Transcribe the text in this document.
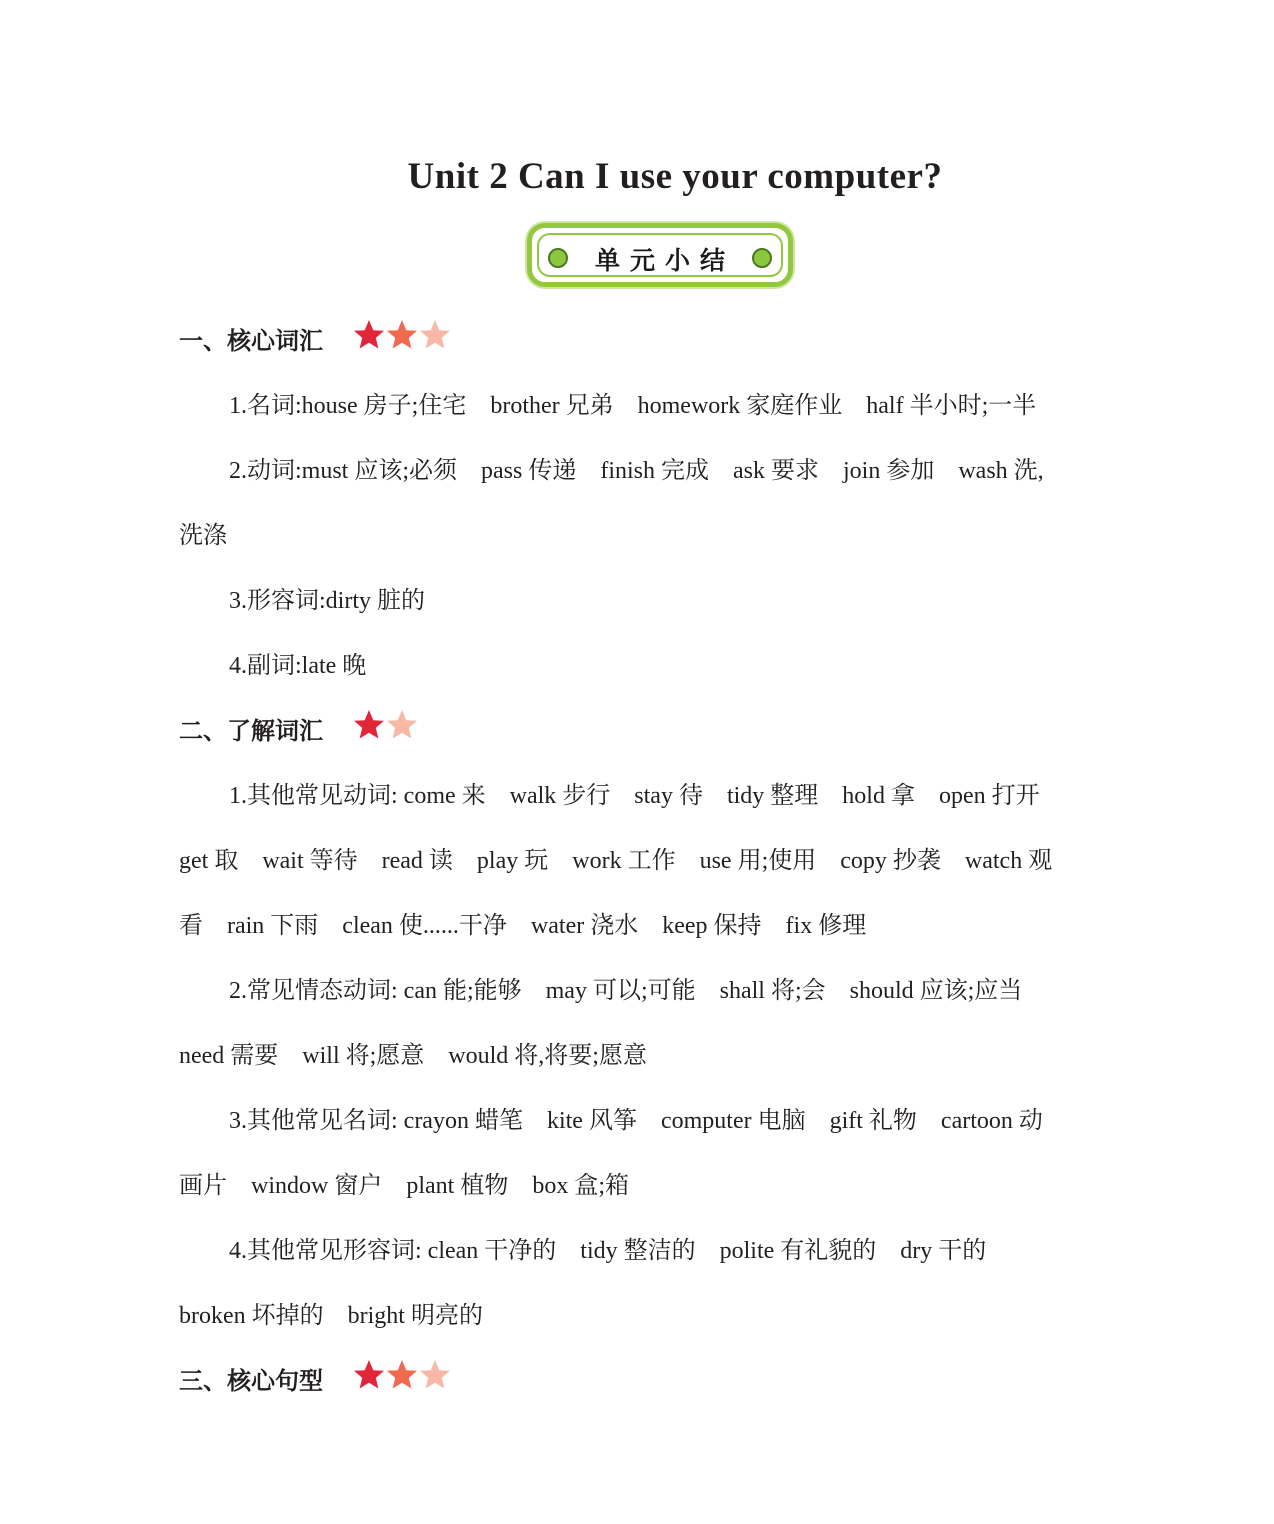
Unit 2 Can I use your computer?
单元小结
一、核心词汇
1.名词:house 房子;住宅    brother 兄弟    homework 家庭作业    half 半小时;一半
2.动词:must 应该;必须    pass 传递    finish 完成    ask 要求    join 参加    wash 洗,
洗涤
3.形容词:dirty 脏的
4.副词:late 晚
二、了解词汇
1.其他常见动词: come 来    walk 步行    stay 待    tidy 整理    hold 拿    open 打开
get 取    wait 等待    read 读    play 玩    work 工作    use 用;使用    copy 抄袭    watch 观
看    rain 下雨    clean 使......干净    water 浇水    keep 保持    fix 修理
2.常见情态动词: can 能;能够    may 可以;可能    shall 将;会    should 应该;应当
need 需要    will 将;愿意    would 将,将要;愿意
3.其他常见名词: crayon 蜡笔    kite 风筝    computer 电脑    gift 礼物    cartoon 动
画片    window 窗户    plant 植物    box 盒;箱
4.其他常见形容词: clean 干净的    tidy 整洁的    polite 有礼貌的    dry 干的
broken 坏掉的    bright 明亮的
三、核心句型
